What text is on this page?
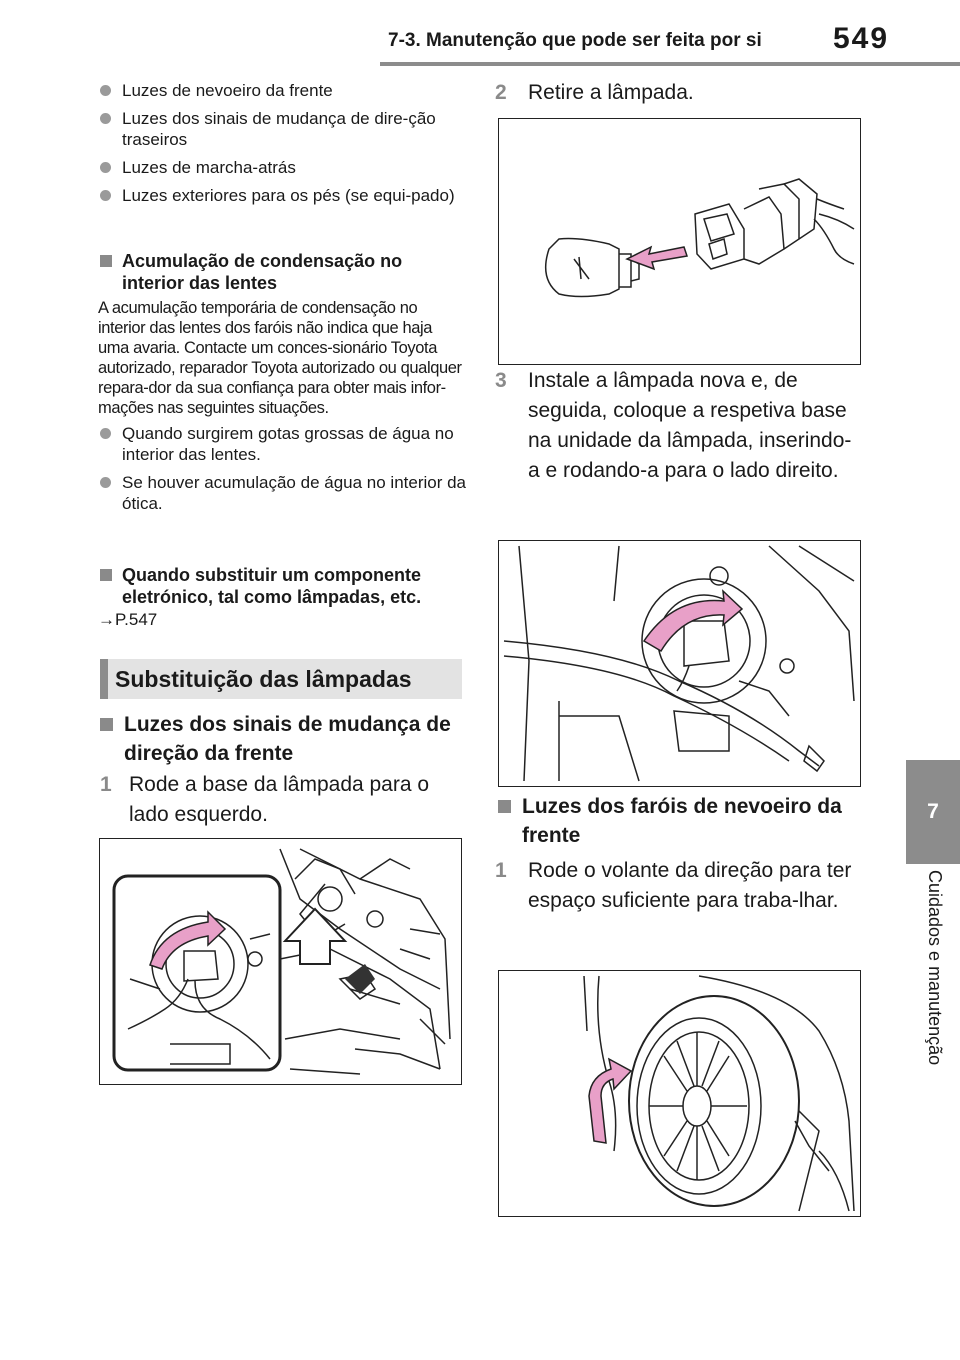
7-3. Manutenção que pode ser feita por si 549
7
Cuidados e manutenção
Luzes de nevoeiro da frente
Luzes dos sinais de mudança de dire-ção traseiros
Luzes de marcha-atrás
Luzes exteriores para os pés (se equi-pado)
Acumulação de condensação no interior das lentes
A acumulação temporária de condensação no interior das lentes dos faróis não indica que haja uma avaria. Contacte um conces-sionário Toyota autorizado, reparador Toyota autorizado ou qualquer repara-dor da sua confiança para obter mais infor-mações nas seguintes situações.
Quando surgirem gotas grossas de água no interior das lentes.
Se houver acumulação de água no interior da ótica.
Quando substituir um componente eletrónico, tal como lâmpadas, etc.
→P.547
Substituição das lâmpadas
Luzes dos sinais de mudança de direção da frente
1 Rode a base da lâmpada para o lado esquerdo.
2 Retire a lâmpada.
3 Instale a lâmpada nova e, de seguida, coloque a respetiva base na unidade da lâmpada, inserindo-a e rodando-a para o lado direito.
Luzes dos faróis de nevoeiro da frente
1 Rode o volante da direção para ter espaço suficiente para traba-lhar.
